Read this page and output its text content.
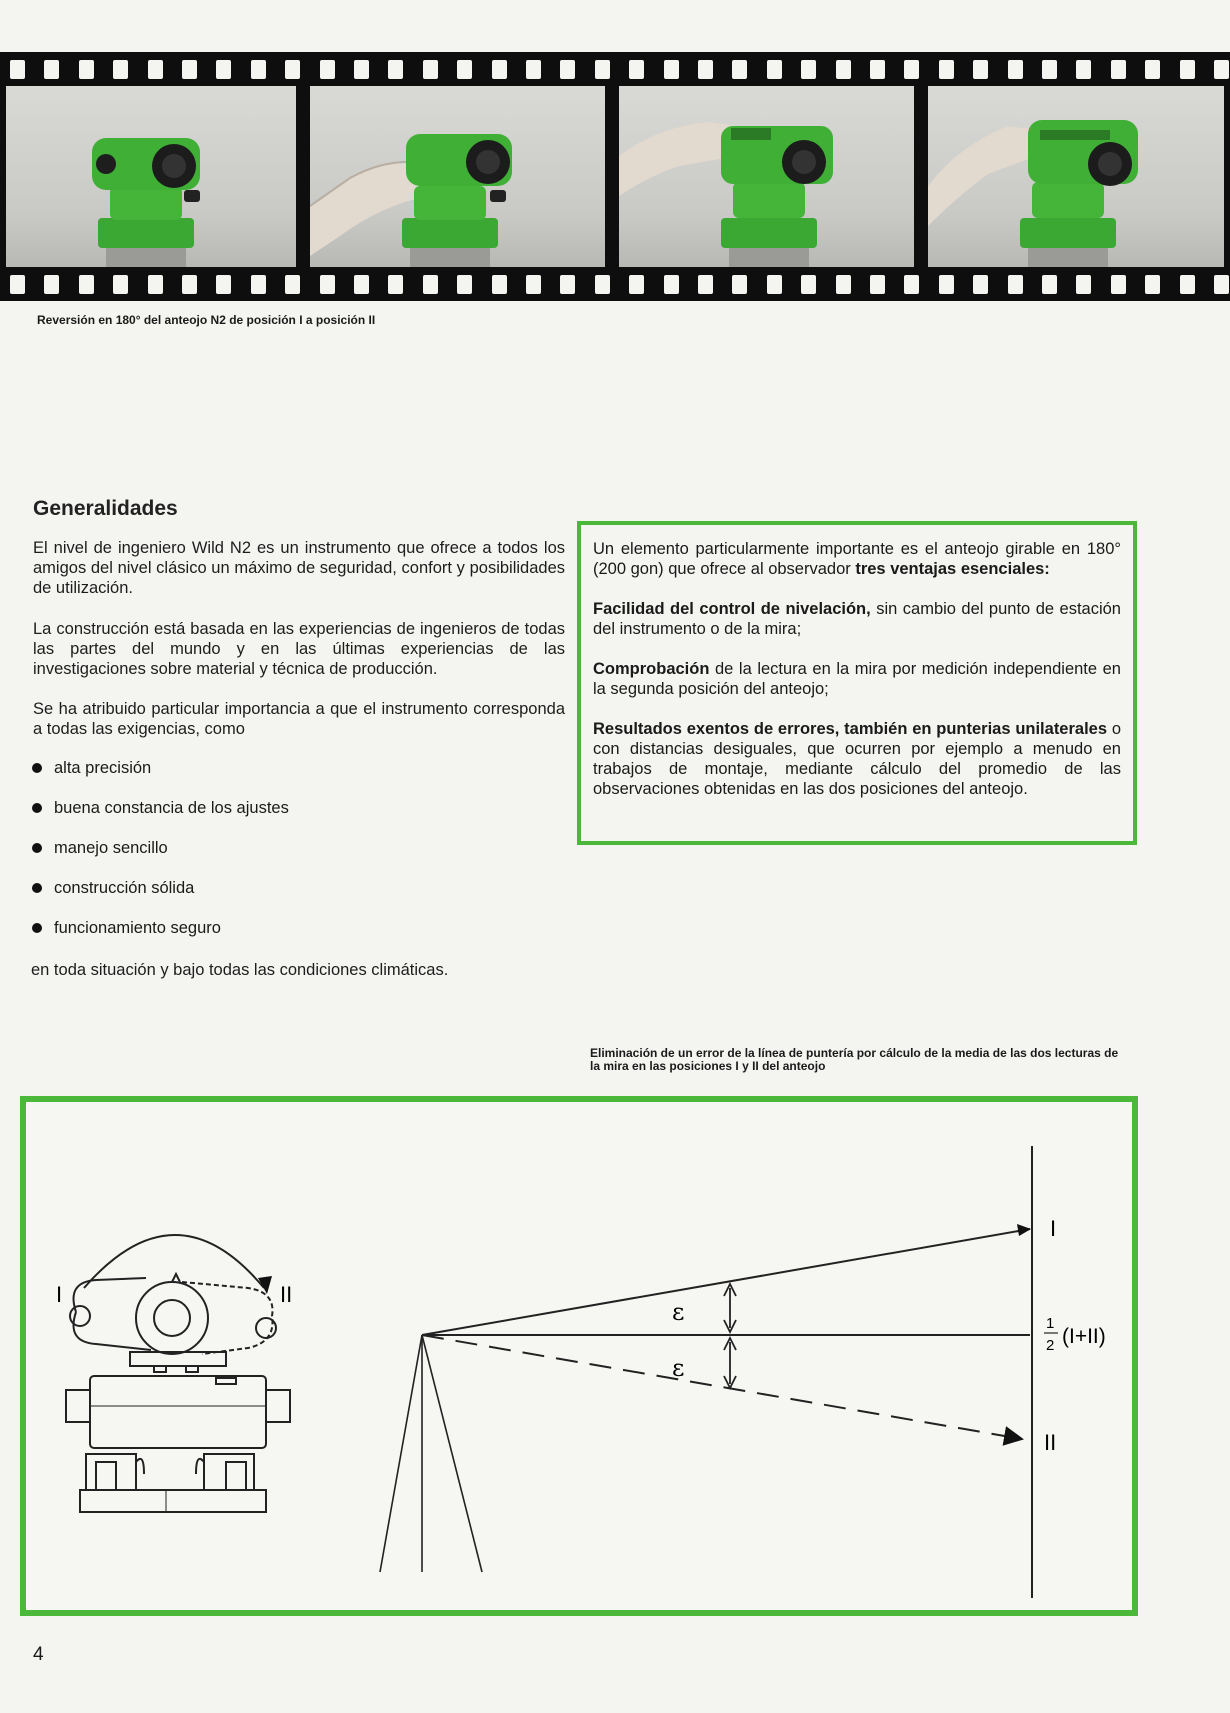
Reversión en 180° del anteojo N2 de posición I a posición II
Generalidades

El nivel de ingeniero Wild N2 es un instrumento que ofrece a todos los amigos del nivel clásico un máximo de seguridad, confort y posibilidades de utilización.

La construcción está basada en las experiencias de ingenieros de todas las partes del mundo y en las últimas experiencias de las investigaciones sobre material y técnica de producción.

Se ha atribuido particular importancia a que el instrumento corresponda a todas las exigencias, como

alta precisión
buena constancia de los ajustes
manejo sencillo
construcción sólida
funcionamiento seguro

en toda situación y bajo todas las condiciones climáticas.

Un elemento particularmente importante es el anteojo girable en 180° (200 gon) que ofrece al observador tres ventajas esenciales:

Facilidad del control de nivelación, sin cambio del punto de estación del instrumento o de la mira;

Comprobación de la lectura en la mira por medición independiente en la segunda posición del anteojo;

Resultados exentos de errores, también en punterias unilaterales o con distancias desiguales, que ocurren por ejemplo a menudo en trabajos de montaje, mediante cálculo del promedio de las observaciones obtenidas en las dos posiciones del anteojo.

Eliminación de un error de la línea de puntería por cálculo de la media de las dos lecturas de la mira en las posiciones I y II del anteojo
I
II
ε
ε
I	II
1
2 (I+II)
4
